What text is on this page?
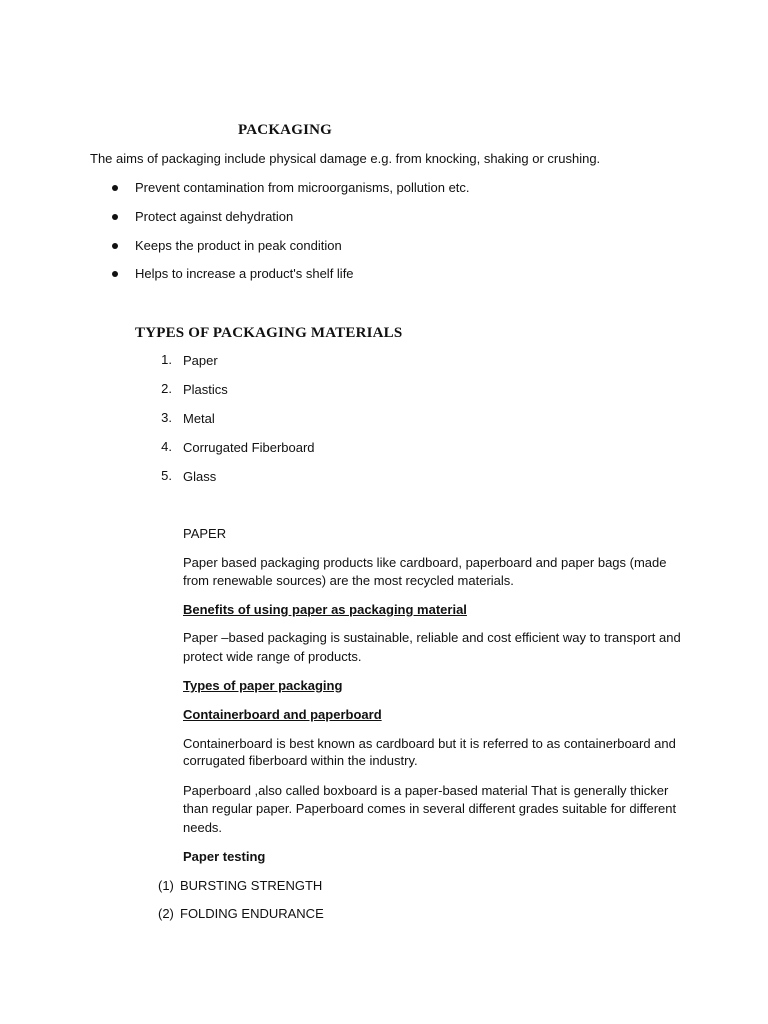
PACKAGING
The aims of packaging include physical damage e.g. from knocking, shaking or crushing.
Prevent contamination from microorganisms, pollution etc.
Protect against dehydration
Keeps the product in peak condition
Helps to increase a product's shelf life
TYPES OF PACKAGING MATERIALS
1. Paper
2. Plastics
3. Metal
4. Corrugated Fiberboard
5. Glass
PAPER
Paper based packaging products like cardboard, paperboard and paper bags (made
from renewable sources) are the most recycled materials.
Benefits of using paper as packaging material
Paper –based packaging is sustainable, reliable and cost efficient way to transport and
protect wide range of products.
Types of paper packaging
Containerboard and paperboard
Containerboard is best known as cardboard but it is referred to as containerboard and
corrugated fiberboard within the industry.
Paperboard ,also called boxboard is a paper-based material That is generally thicker
than regular paper. Paperboard comes in several different grades suitable for different
needs.
Paper testing
(1) BURSTING STRENGTH
(2) FOLDING ENDURANCE
